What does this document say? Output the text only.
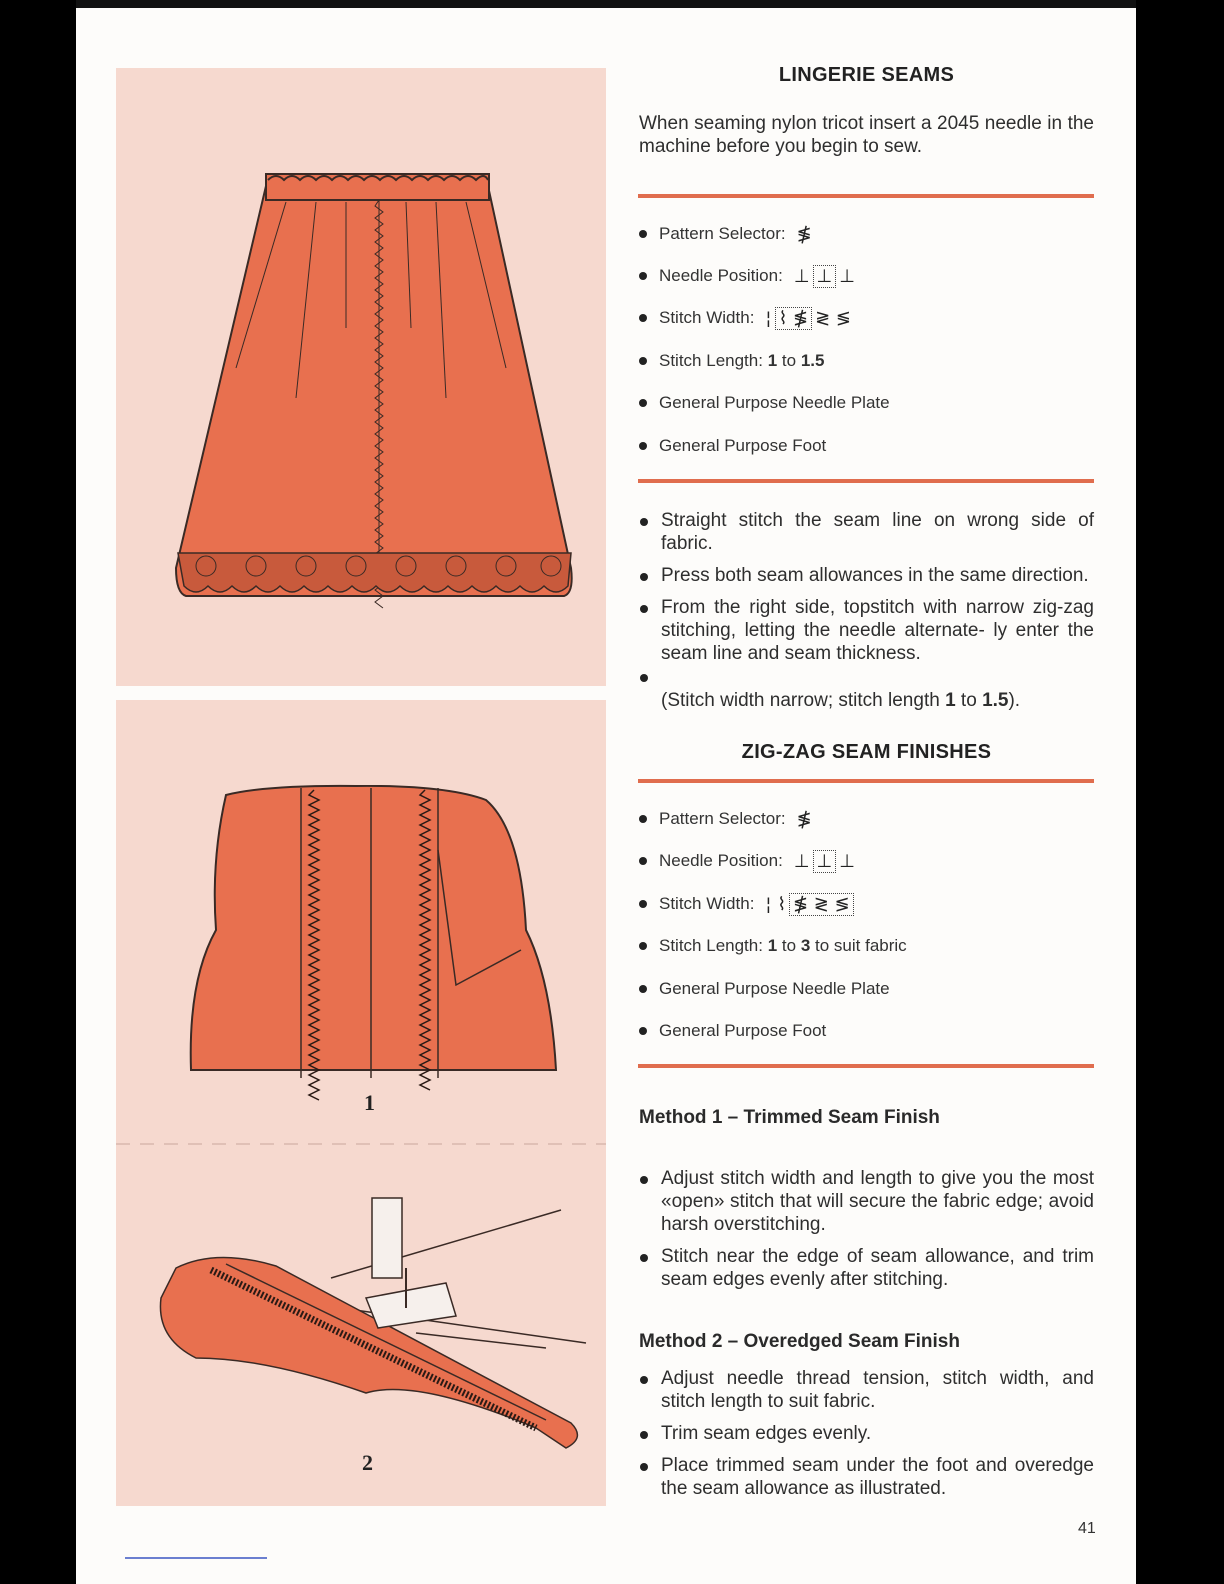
1
2
LINGERIE SEAMS
When seaming nylon tricot insert a 2045 needle in the machine before you begin to sew.
Pattern Selector: ≸
Needle Position: ⊥ ⊥ ⊥
Stitch Width: ¦ ⌇ ≸ ≷ ≶
Stitch Length:
1
to
1.5
General Purpose Needle Plate
General Purpose Foot
Straight stitch the seam line on wrong side of fabric.
Press both seam allowances in the same direction.
From the right side, topstitch with narrow zig-zag stitching, letting the needle alternate- ly enter the seam line and seam thickness.
(Stitch width narrow; stitch length 1 to 1.5).
ZIG-ZAG SEAM FINISHES
Pattern Selector: ≸
Needle Position: ⊥ ⊥ ⊥
Stitch Width: ¦ ⌇ ≸ ≷ ≶
Stitch Length:
1
to
3
to suit fabric
General Purpose Needle Plate
General Purpose Foot
Method 1 – Trimmed Seam Finish
Adjust stitch width and length to give you the most «open» stitch that will secure the fabric edge; avoid harsh overstitching.
Stitch near the edge of seam allowance, and trim seam edges evenly after stitching.
Method 2 – Overedged Seam Finish
Adjust needle thread tension, stitch width, and stitch length to suit fabric.
Trim seam edges evenly.
Place trimmed seam under the foot and overedge the seam allowance as illustrated.
41
